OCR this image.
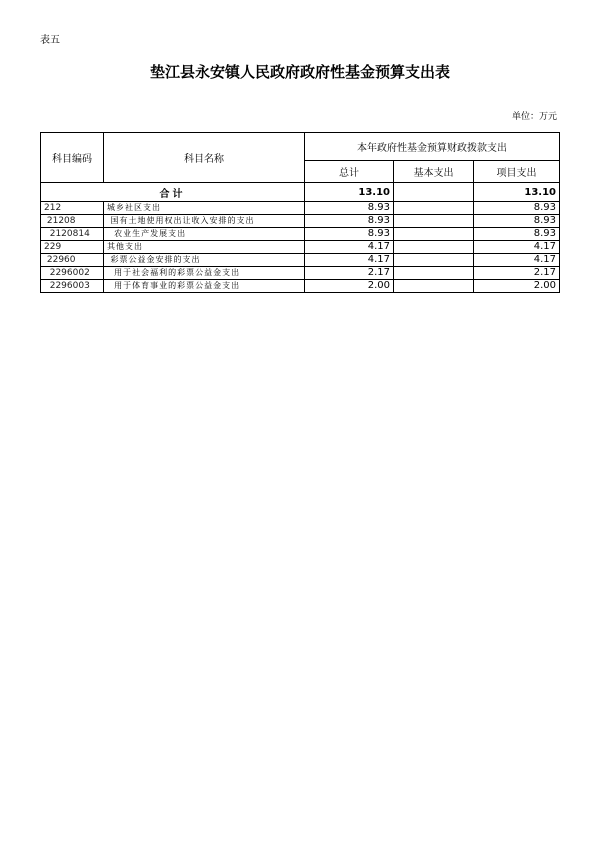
表五
垫江县永安镇人民政府政府性基金预算支出表
单位：万元
科目编码	科目名称	本年政府性基金预算财政拨款支出		
		总计	基本支出	项目支出
合计		13.10		13.10
212	城乡社区支出	8.93		8.93
21208	国有土地使用权出让收入安排的支出	8.93		8.93
2120814	农业生产发展支出	8.93		8.93
229	其他支出	4.17		4.17
22960	彩票公益金安排的支出	4.17		4.17
2296002	用于社会福利的彩票公益金支出	2.17		2.17
2296003	用于体育事业的彩票公益金支出	2.00		2.00
